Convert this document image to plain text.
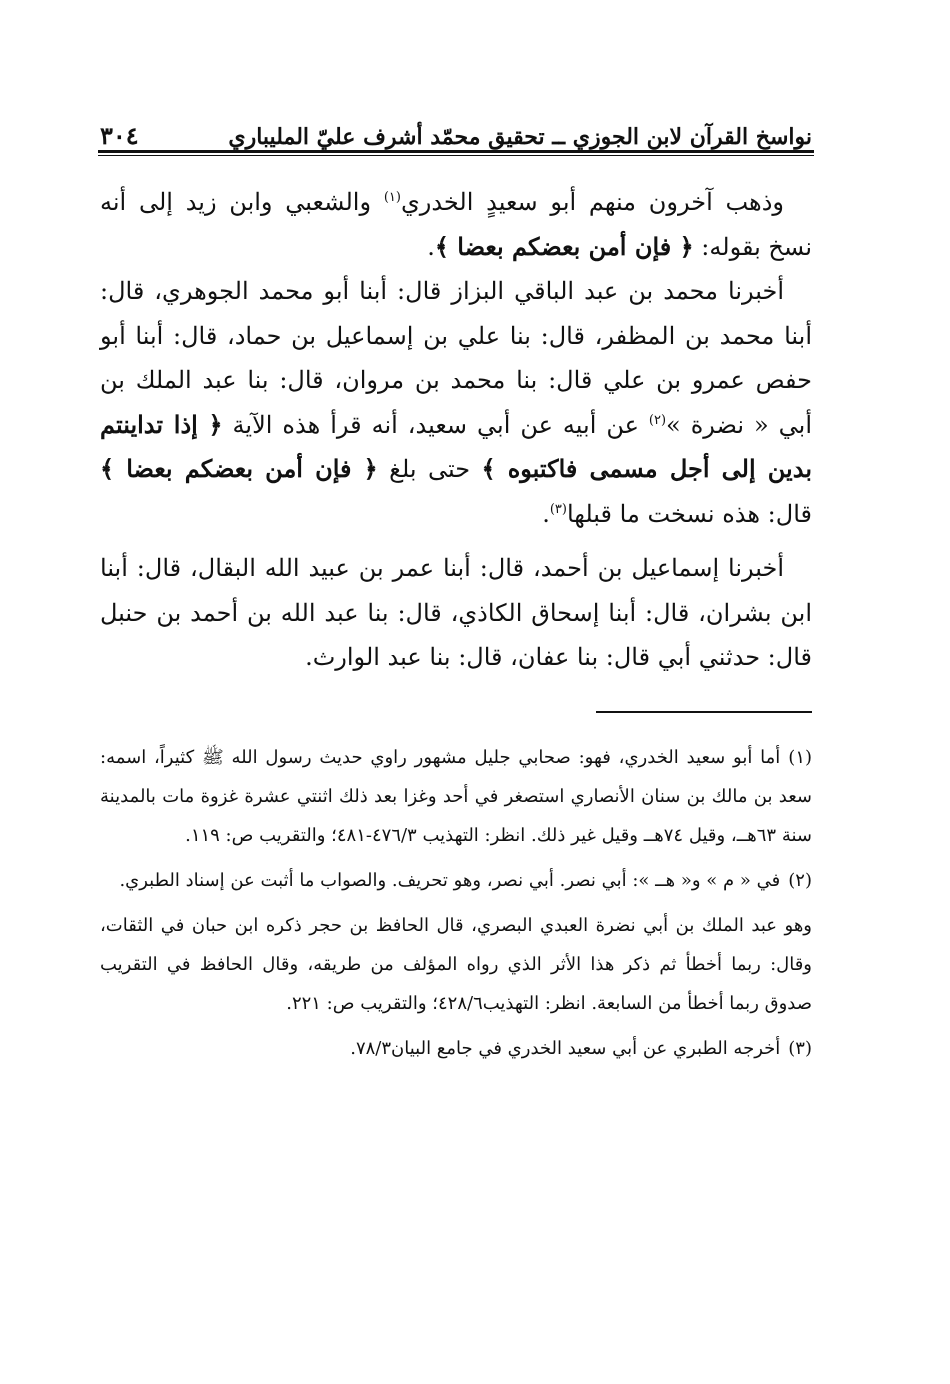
نواسخ القرآن لابن الجوزي ــ تحقيق محمّد أشرف عليّ المليباري
٣٠٤

وذهب آخرون منهم أبو سعيدٍ الخدري$^{(١)}$ والشعبي وابن زيد إلى أنه نسخ بقوله: ﴿ فإن أمن بعضكم بعضا ﴾.

أخبرنا محمد بن عبد الباقي البزاز قال: أبنا أبو محمد الجوهري، قال: أبنا محمد بن المظفر، قال: بنا علي بن إسماعيل بن حماد، قال: أبنا أبو حفص عمرو بن علي قال: بنا محمد بن مروان، قال: بنا عبد الملك بن أبي « نضرة »$^{(٢)}$ عن أبيه عن أبي سعيد، أنه قرأ هذه الآية ﴿ إذا تداينتم بدين إلى أجل مسمى فاكتبوه ﴾ حتى بلغ ﴿ فإن أمن بعضكم بعضا ﴾ قال: هذه نسخت ما قبلها$^{(٣)}$.

أخبرنا إسماعيل بن أحمد، قال: أبنا عمر بن عبيد الله البقال، قال: أبنا ابن بشران، قال: أبنا إسحاق الكاذي، قال: بنا عبد الله بن أحمد بن حنبل قال: حدثني أبي قال: بنا عفان، قال: بنا عبد الوارث.

(١)أما أبو سعيد الخدري، فهو: صحابي جليل مشهور راوي حديث رسول الله ﷺ كثيراً، اسمه: سعد بن مالك بن سنان الأنصاري استصغر في أحد وغزا بعد ذلك اثنتي عشرة غزوة مات بالمدينة سنة ٦٣هــ، وقيل ٧٤هــ وقيل غير ذلك. انظر: التهذيب ٤٧٦/٣-٤٨١؛ والتقريب ص: ١١٩.

(٢)في « م » و« هــ »: أبي نصر. أبي نصر، وهو تحريف. والصواب ما أثبت عن إسناد الطبري.

وهو عبد الملك بن أبي نضرة العبدي البصري، قال الحافظ بن حجر ذكره ابن حبان في الثقات، وقال: ربما أخطأ ثم ذكر هذا الأثر الذي رواه المؤلف من طريقه، وقال الحافظ في التقريب صدوق ربما أخطأ من السابعة. انظر: التهذيب٤٢٨/٦؛ والتقريب ص: ٢٢١.

(٣)أخرجه الطبري عن أبي سعيد الخدري في جامع البيان٧٨/٣.
